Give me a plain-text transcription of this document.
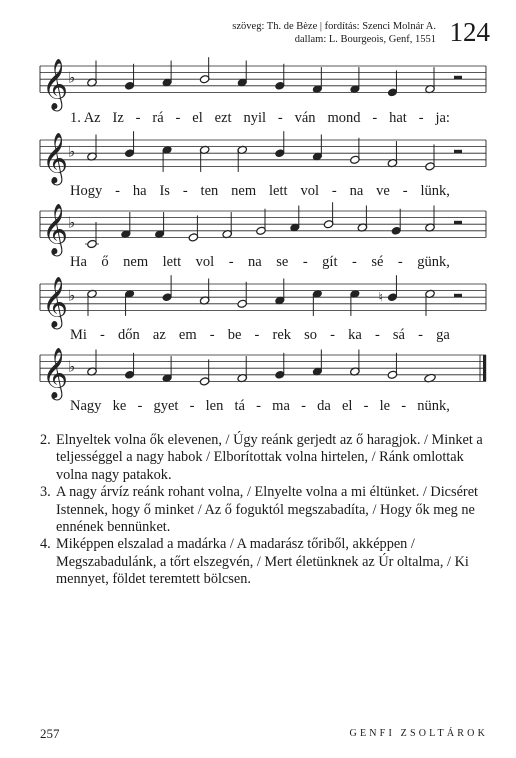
szöveg: Th. de Bèze | fordítás: Szenci Molnár A.
dallam: L. Bourgeois, Genf, 1551 124
𝄞 ♭
𝄞 ♭
𝄞 ♭
𝄞 ♭	♮
𝄞 ♭
1. Az Iz - rá - el ezt nyil - ván mond - hat - ja:
Hogy - ha Is - ten nem lett vol - na ve - lünk,
Ha ő nem lett vol - na se - gít - sé - günk,
Mi - dőn az em - be - rek so - ka - sá - ga
Nagy ke - gyet - len tá - ma - da el - le - nünk,
2. Elnyeltek volna ők elevenen, / Úgy reánk gerjedt az ő haragjok. / Minket a teljességgel a nagy habok / Elborítottak volna hirtelen, / Ránk omlottak volna nagy patakok.
3. A nagy árvíz reánk rohant volna, / Elnyelte volna a mi éltünket. / Dicséret Istennek, hogy ő minket / Az ő foguktól megszabadíta, / Hogy ők meg ne ennének bennünket.
4. Miképpen elszalad a madárka / A madarász tőriből, akképpen / Megszabadulánk, a tőrt elszegvén, / Mert életünknek az Úr oltalma, / Ki mennyet, földet teremtett bölcsen.
257	GENFI ZSOLTÁROK
